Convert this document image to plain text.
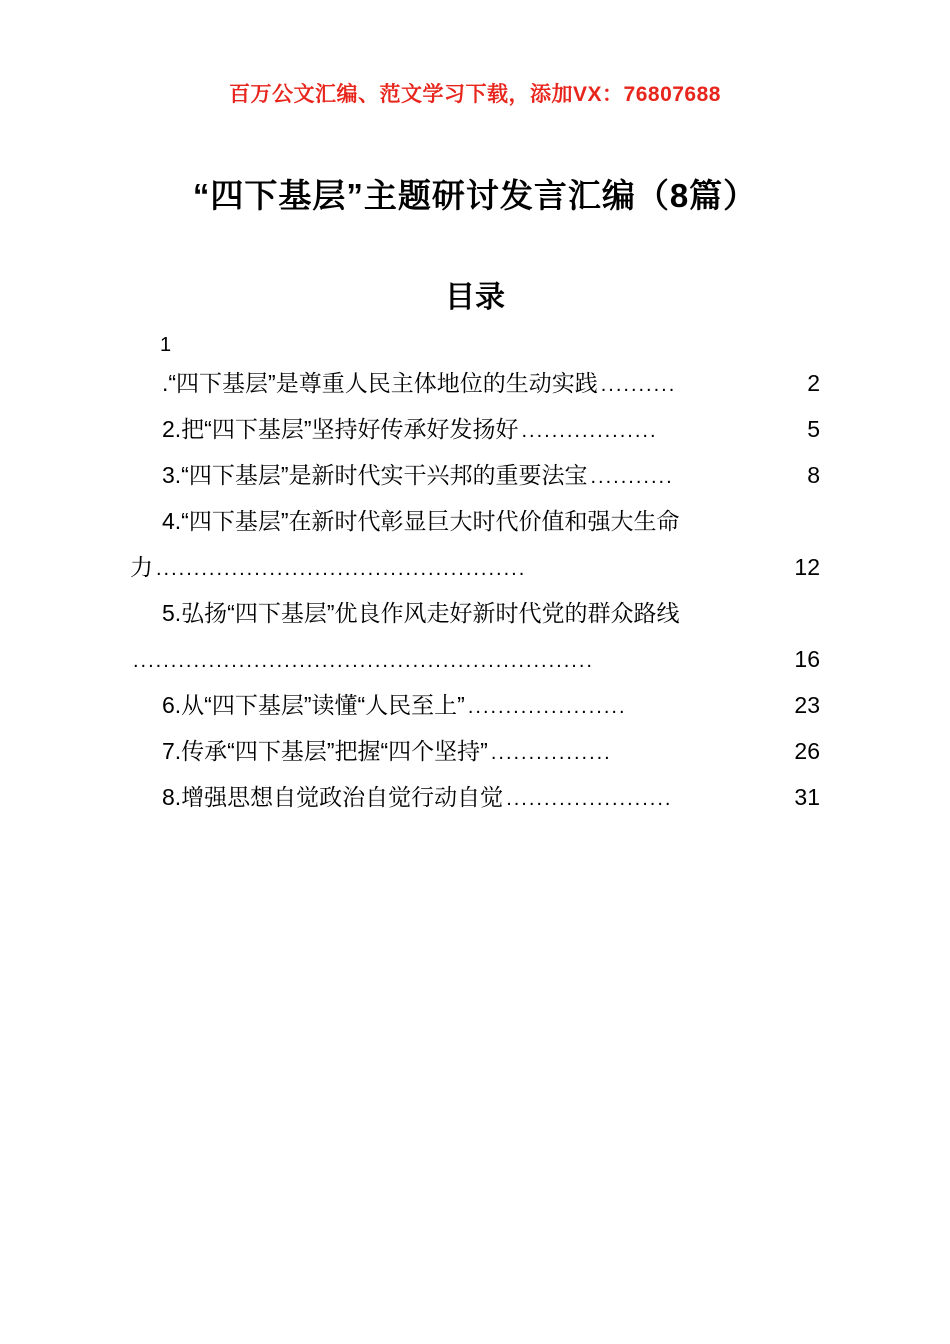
百万公文汇编、范文学习下载，添加VX：76807688
“四下基层”主题研讨发言汇编（8篇）
目录
1
.“四下基层”是尊重人民主体地位的生动实践 ..........	2
2.把“四下基层”坚持好传承好发扬好 ..................	5
3.“四下基层”是新时代实干兴邦的重要法宝 ...........	8
4.“四下基层”在新时代彰显巨大时代价值和强大生命
力 .................................................	12
5.弘扬“四下基层”优良作风走好新时代党的群众路线
.............................................................	16
6.从“四下基层”读懂“人民至上” .....................	23
7.传承“四下基层”把握“四个坚持” ................	26
8.增强思想自觉政治自觉行动自觉 ......................	31
